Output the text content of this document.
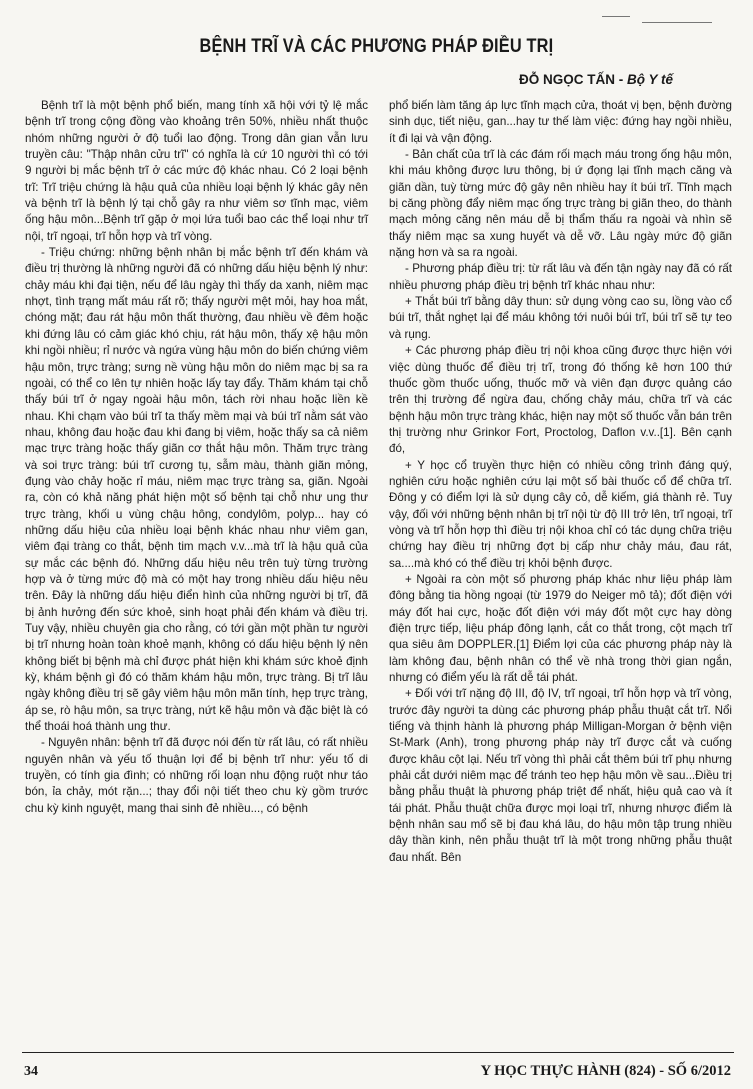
BỆNH TRĨ VÀ CÁC PHƯƠNG PHÁP ĐIỀU TRỊ
ĐỖ NGỌC TẤN - Bộ Y tế

Bệnh trĩ là một bệnh phổ biến, mang tính xã hội với tỷ lệ mắc bệnh trĩ trong cộng đồng vào khoảng trên 50%, nhiều nhất thuộc nhóm những người ở độ tuổi lao động. Trong dân gian vẫn lưu truyền câu: "Thập nhân cửu trĩ" có nghĩa là cứ 10 người thì có tới 9 người bị mắc bệnh trĩ ở các mức độ khác nhau. Có 2 loại bệnh trĩ: Trĩ triệu chứng là hậu quả của nhiều loại bệnh lý khác gây nên và bệnh trĩ là bệnh lý tại chỗ gây ra như viêm sơ tĩnh mạc, viêm ống hậu môn...Bệnh trĩ gặp ở mọi lứa tuổi bao các thể loại như trĩ nội, trĩ ngoại, trĩ hỗn hợp và trĩ vòng.

- Triệu chứng: những bệnh nhân bị mắc bệnh trĩ đến khám và điều trị thường là những người đã có những dấu hiệu bệnh lý như: chảy máu khi đại tiện, nếu để lâu ngày thì thấy da xanh, niêm mạc nhợt, tình trạng mất máu rất rõ; thấy người mệt mỏi, hay hoa mắt, chóng mặt; đau rát hậu môn thất thường, đau nhiều về đêm hoặc khi đứng lâu có cảm giác khó chịu, rát hậu môn, thấy xệ hậu môn khi ngồi nhiều; rỉ nước và ngứa vùng hậu môn do biến chứng viêm hậu môn, trực tràng; sưng nề vùng hậu môn do niêm mạc bị sa ra ngoài, có thể co lên tự nhiên hoặc lấy tay đẩy. Thăm khám tại chỗ thấy búi trĩ ở ngay ngoài hậu môn, tách rời nhau hoặc liền kề nhau. Khi chạm vào búi trĩ ta thấy mềm mại và búi trĩ nằm sát vào nhau, không đau hoặc đau khi đang bị viêm, hoặc thấy sa cả niêm mạc trực tràng hoặc thấy giãn cơ thắt hậu môn. Thăm trực tràng và soi trực tràng: búi trĩ cương tụ, sẫm màu, thành giãn mỏng, đụng vào chảy hoặc rỉ máu, niêm mạc trực tràng sa, giãn. Ngoài ra, còn có khả năng phát hiện một số bệnh tại chỗ như ung thư trực tràng, khối u vùng chậu hông, condylôm, polyp... hay có những dấu hiệu của nhiều loại bệnh khác nhau như viêm gan, viêm đại tràng co thắt, bệnh tim mạch v.v...mà trĩ là hậu quả của sự mắc các bệnh đó. Những dấu hiệu nêu trên tuỳ từng trường hợp và ở từng mức độ mà có một hay trong nhiều dấu hiệu nêu trên. Đây là những dấu hiệu điển hình của những người bị trĩ, đã bị ảnh hưởng đến sức khoẻ, sinh hoạt phải đến khám và điều trị. Tuy vậy, nhiều chuyên gia cho rằng, có tới gần một phần tư người bị trĩ nhưng hoàn toàn khoẻ mạnh, không có dấu hiệu bệnh lý nên không biết bị bệnh mà chỉ được phát hiện khi khám sức khoẻ định kỳ, khám bệnh gì đó có thăm khám hậu môn, trực tràng. Bị trĩ lâu ngày không điều trị sẽ gây viêm hậu môn mãn tính, hẹp trực tràng, áp se, rò hậu môn, sa trực tràng, nứt kẽ hậu môn và đặc biệt là có thể thoái hoá thành ung thư.

- Nguyên nhân: bệnh trĩ đã được nói đến từ rất lâu, có rất nhiều nguyên nhân và yếu tố thuận lợi để bị bệnh trĩ như: yếu tố di truyền, có tính gia đình; có những rối loạn nhu động ruột như táo bón, ỉa chảy, mót rặn...; thay đổi nội tiết theo chu kỳ gồm trước chu kỳ kinh nguyệt, mang thai sinh đẻ nhiều..., có bệnh

phổ biến làm tăng áp lực tĩnh mạch cửa, thoát vị bẹn, bệnh đường sinh dục, tiết niệu, gan...hay tư thế làm việc: đứng hay ngồi nhiều, ít đi lại và vận động.

- Bản chất của trĩ là các đám rối mạch máu trong ống hậu môn, khi máu không được lưu thông, bị ứ đọng lại tĩnh mạch căng và giãn dần, tuỳ từng mức độ gây nên nhiều hay ít búi trĩ. Tĩnh mạch bị căng phồng đẩy niêm mạc ống trực tràng bị giãn theo, do thành mạch mỏng căng nên máu dễ bị thẩm thấu ra ngoài và nhìn sẽ thấy niêm mạc sa xung huyết và dễ vỡ. Lâu ngày mức độ giãn nặng hơn và sa ra ngoài.

- Phương pháp điều trị: từ rất lâu và đến tận ngày nay đã có rất nhiều phương pháp điều trị bệnh trĩ khác nhau như:

+ Thắt búi trĩ bằng dây thun: sử dụng vòng cao su, lồng vào cổ búi trĩ, thắt nghẹt lại để máu không tới nuôi búi trĩ, búi trĩ sẽ tự teo và rụng.

+ Các phương pháp điều trị nội khoa cũng được thực hiện với việc dùng thuốc để điều trị trĩ, trong đó thống kê hơn 100 thứ thuốc gồm thuốc uống, thuốc mỡ và viên đạn được quảng cáo trên thị trường để ngừa đau, chống chảy máu, chữa trĩ và các bệnh hậu môn trực tràng khác, hiện nay một số thuốc vẫn bán trên thị trường như Grinkor Fort, Proctolog, Daflon v.v..[1]. Bên cạnh đó,

+ Y học cổ truyền thực hiện có nhiều công trình đáng quý, nghiên cứu hoặc nghiên cứu lại một số bài thuốc cổ để chữa trĩ. Đông y có điểm lợi là sử dụng cây cỏ, dễ kiếm, giá thành rẻ. Tuy vậy, đối với những bệnh nhân bị trĩ nội từ độ III trở lên, trĩ ngoại, trĩ vòng và trĩ hỗn hợp thì điều trị nội khoa chỉ có tác dụng chữa triệu chứng hay điều trị những đợt bị cấp như chảy máu, đau rát, sa....mà khó có thể điều trị khỏi bệnh được.

+ Ngoài ra còn một số phương pháp khác như liệu pháp làm đông bằng tia hồng ngoại (từ 1979 do Neiger mô tả); đốt điện với máy đốt hai cực, hoặc đốt điện với máy đốt một cực hay dòng điện trực tiếp, liệu pháp đông lạnh, cắt co thắt trong, cột mạch trĩ qua siêu âm DOPPLER.[1] Điểm lợi của các phương pháp này là làm không đau, bệnh nhân có thể về nhà trong thời gian ngắn, nhưng có điểm yếu là rất dễ tái phát.

+ Đối với trĩ nặng độ III, độ IV, trĩ ngoại, trĩ hỗn hợp và trĩ vòng, trước đây người ta dùng các phương pháp phẫu thuật cắt trĩ. Nổi tiếng và thịnh hành là phương pháp Milligan-Morgan ở bệnh viện St-Mark (Anh), trong phương pháp này trĩ được cắt và cuống được khâu cột lại. Nếu trĩ vòng thì phải cắt thêm búi trĩ phụ nhưng phải cắt dưới niêm mạc để tránh teo hẹp hậu môn về sau...Điều trị bằng phẫu thuật là phương pháp triệt để nhất, hiệu quả cao và ít tái phát. Phẫu thuật chữa được mọi loại trĩ, nhưng nhược điểm là bệnh nhân sau mổ sẽ bị đau khá lâu, do hậu môn tập trung nhiều dây thần kinh, nên phẫu thuật trĩ là một trong những phẫu thuật đau nhất. Bên

34	Y HỌC THỰC HÀNH (824) - SỐ 6/2012
